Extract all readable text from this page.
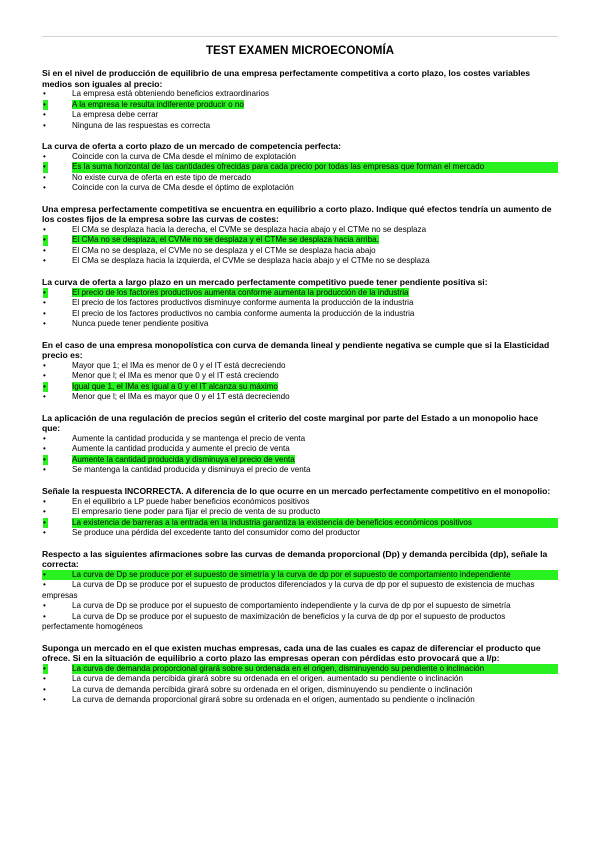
TEST EXAMEN MICROECONOMÍA

Si en el nivel de producción de equilibrio de una empresa perfectamente competitiva a corto plazo, los costes variables medios son iguales al precio:

•	La empresa está obteniendo beneficios extraordinarios
•	A la empresa le resulta indiferente producir o no
•	La empresa debe cerrar
•	Ninguna de las respuestas es correcta

La curva de oferta a corto plazo de un mercado de competencia perfecta:

•	Coincide con la curva de CMa desde el mínimo de explotación
•	Es la suma horizontal de las cantidades ofrecidas para cada precio por todas las empresas que forman el mercado
•	No existe curva de oferta en este tipo de mercado
•	Coincide con la curva de CMa desde el óptimo de explotación

Una empresa perfectamente competitiva se encuentra en equilibrio a corto plazo. Indique qué efectos tendría un aumento de los costes fijos de la empresa sobre las curvas de costes:

•	El CMa se desplaza hacia la derecha, el CVMe se desplaza hacia abajo y el CTMe no se desplaza
•	El CMa no se desplaza, el CVMe no se desplaza y el CTMe se desplaza hacia arriba.
•	El CMa no se desplaza, el CVMe no se desplaza y el CTMe se desplaza hacia abajo
•	El CMa se desplaza hacia la izquierda, el CVMe se desplaza hacia abajo y el CTMe no se desplaza

La curva de oferta a largo plazo en un mercado perfectamente competitivo puede tener pendiente positiva si:

•	El precio de los factores productivos aumenta conforme aumenta la producción de la industria
•	El precio de los factores productivos disminuye conforme aumenta la producción de la industria
•	El precio de los factores productivos no cambia conforme aumenta la producción de la industria
•	Nunca puede tener pendiente positiva

En el caso de una empresa monopolística con curva de demanda lineal y pendiente negativa se cumple que si la Elasticidad precio es:

•	Mayor que 1; el IMa es menor de 0 y el IT está decreciendo
•	Menor que l; el IMa es menor que 0 y el IT está creciendo
•	Igual que 1, el IMa es igual a 0 y el IT alcanza su máximo
•	Menor que l; el IMa es mayor que 0 y el 1T está decreciendo

La aplicación de una regulación de precios según el criterio del coste marginal por parte del Estado a un monopolio hace que:

•	Aumente la cantidad producida y se mantenga el precio de venta
•	Aumente la cantidad producida y aumente el precio de venta
•	Aumente la cantidad producida y disminuya el precio de venta
•	Se mantenga la cantidad producida y disminuya el precio de venta

Señale la respuesta INCORRECTA. A diferencia de lo que ocurre en un mercado perfectamente competitivo en el monopolio:

•	En el equilibrio a LP puede haber beneficios económicos positivos
•	El empresario tiene poder para fijar el precio de venta de su producto
•	La existencia de barreras a la entrada en la industria garantiza la existencia de beneficios económicos positivos
•	Se produce una pérdida del excedente tanto del consumidor como del productor

Respecto a las siguientes afirmaciones sobre las curvas de demanda proporcional (Dp) y demanda percibida (dp), señale la correcta:

•	La curva de Dp se produce por el supuesto de simetría y la curva de dp por el supuesto de comportamiento independiente
•	La curva de Dp se produce por el supuesto de productos diferenciados y la curva de dp por el supuesto de existencia de muchas empresas
•	La curva de Dp se produce por el supuesto de comportamiento independiente y la curva de dp por el supuesto de simetría
•	La curva de Dp se produce por el supuesto de maximización de beneficios y la curva de dp por el supuesto de productos perfectamente homogéneos

Suponga un mercado en el que existen muchas empresas, cada una de las cuales es capaz de diferenciar el producto que ofrece. Si en la situación de equilibrio a corto plazo las empresas operan con pérdidas esto provocará que a l/p:

•	La curva de demanda proporcional girará sobre su ordenada en el origen, disminuyendo su pendiente o inclinación
•	La curva de demanda percibida girará sobre su ordenada en el origen. aumentado su pendiente o inclinación
•	La curva de demanda percibida girará sobre su ordenada en el origen, disminuyendo su pendiente o inclinación
•	La curva de demanda proporcional girará sobre su ordenada en el origen, aumentado su pendiente o inclinación
